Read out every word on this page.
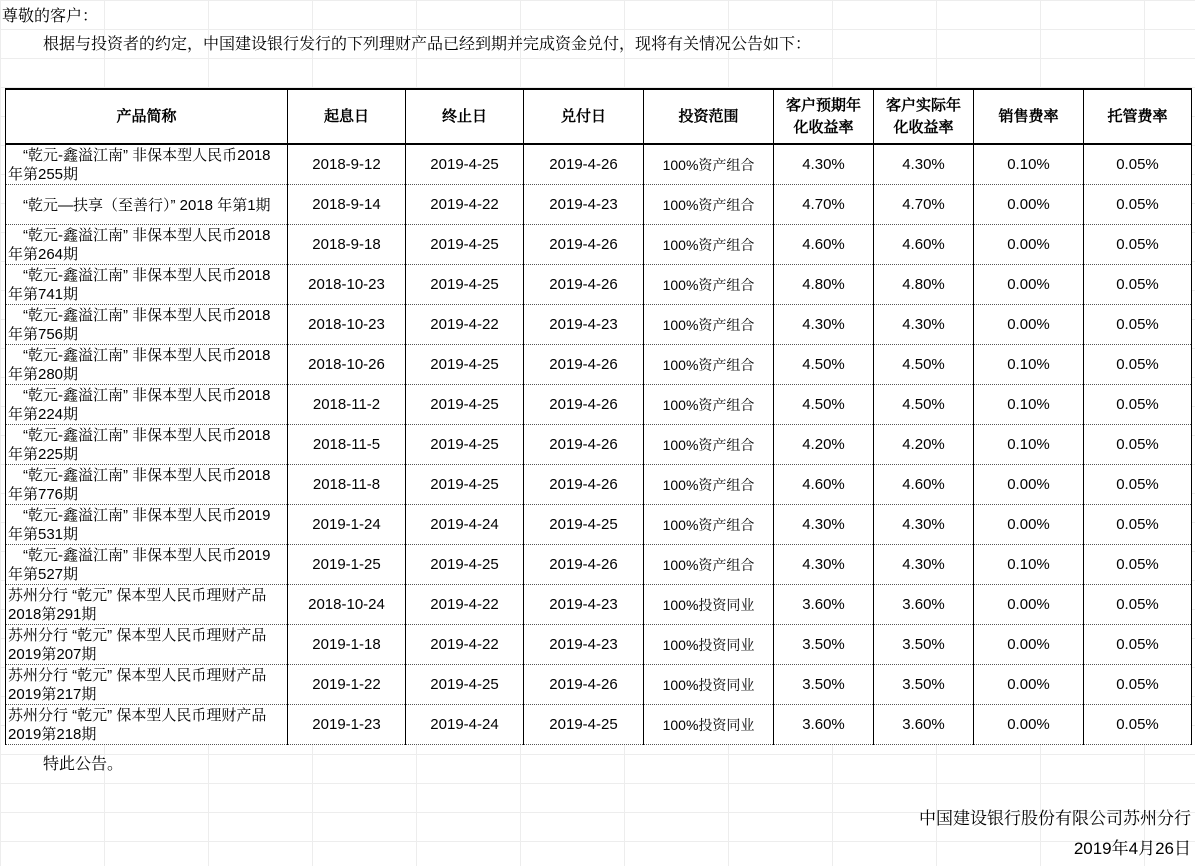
尊敬的客户：

根据与投资者的约定，中国建设银行发行的下列理财产品已经到期并完成资金兑付，现将有关情况公告如下：

产品简称	起息日	终止日	兑付日	投资范围	客户预期年化收益率	客户实际年化收益率	销售费率	托管费率
　“乾元-鑫溢江南” 非保本型人民币2018年第255期	2018-9-12	2019-4-25	2019-4-26	100%资产组合	4.30%	4.30%	0.10%	0.05%
　“乾元—扶享（至善行）” 2018 年第1期	2018-9-14	2019-4-22	2019-4-23	100%资产组合	4.70%	4.70%	0.00%	0.05%
　“乾元-鑫溢江南” 非保本型人民币2018年第264期	2018-9-18	2019-4-25	2019-4-26	100%资产组合	4.60%	4.60%	0.00%	0.05%
　“乾元-鑫溢江南” 非保本型人民币2018年第741期	2018-10-23	2019-4-25	2019-4-26	100%资产组合	4.80%	4.80%	0.00%	0.05%
　“乾元-鑫溢江南” 非保本型人民币2018年第756期	2018-10-23	2019-4-22	2019-4-23	100%资产组合	4.30%	4.30%	0.00%	0.05%
　“乾元-鑫溢江南” 非保本型人民币2018年第280期	2018-10-26	2019-4-25	2019-4-26	100%资产组合	4.50%	4.50%	0.10%	0.05%
　“乾元-鑫溢江南” 非保本型人民币2018年第224期	2018-11-2	2019-4-25	2019-4-26	100%资产组合	4.50%	4.50%	0.10%	0.05%
　“乾元-鑫溢江南” 非保本型人民币2018年第225期	2018-11-5	2019-4-25	2019-4-26	100%资产组合	4.20%	4.20%	0.10%	0.05%
　“乾元-鑫溢江南” 非保本型人民币2018年第776期	2018-11-8	2019-4-25	2019-4-26	100%资产组合	4.60%	4.60%	0.00%	0.05%
　“乾元-鑫溢江南” 非保本型人民币2019年第531期	2019-1-24	2019-4-24	2019-4-25	100%资产组合	4.30%	4.30%	0.00%	0.05%
　“乾元-鑫溢江南” 非保本型人民币2019年第527期	2019-1-25	2019-4-25	2019-4-26	100%资产组合	4.30%	4.30%	0.10%	0.05%
苏州分行 “乾元” 保本型人民币理财产品2018第291期	2018-10-24	2019-4-22	2019-4-23	100%投资同业	3.60%	3.60%	0.00%	0.05%
苏州分行 “乾元” 保本型人民币理财产品2019第207期	2019-1-18	2019-4-22	2019-4-23	100%投资同业	3.50%	3.50%	0.00%	0.05%
苏州分行 “乾元” 保本型人民币理财产品2019第217期	2019-1-22	2019-4-25	2019-4-26	100%投资同业	3.50%	3.50%	0.00%	0.05%
苏州分行 “乾元” 保本型人民币理财产品2019第218期	2019-1-23	2019-4-24	2019-4-25	100%投资同业	3.60%	3.60%	0.00%	0.05%

特此公告。

中国建设银行股份有限公司苏州分行
2019年4月26日
